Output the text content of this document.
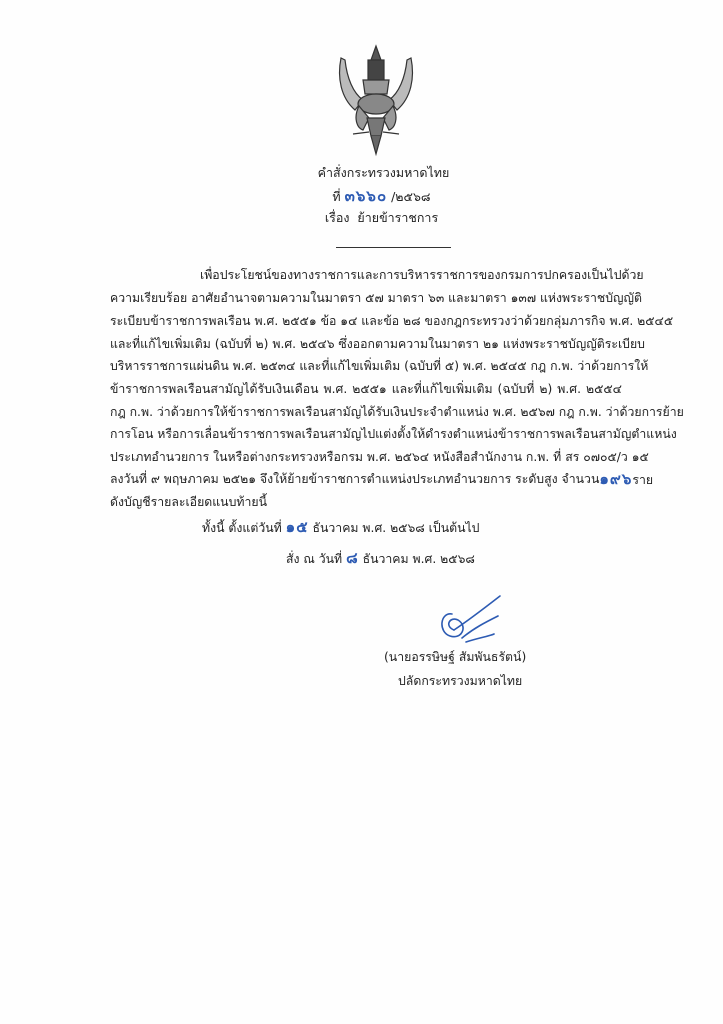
คำสั่งกระทรวงมหาดไทย
ที่ ๓๖๖๐ /๒๕๖๘
เรื่อง ย้ายข้าราชการ
เพื่อประโยชน์ของทางราชการและการบริหารราชการของกรมการปกครองเป็นไปด้วย
ความเรียบร้อย อาศัยอำนาจตามความในมาตรา ๕๗ มาตรา ๖๓ และมาตรา ๑๓๗ แห่งพระราชบัญญัติ
ระเบียบข้าราชการพลเรือน พ.ศ. ๒๕๕๑ ข้อ ๑๔ และข้อ ๒๘ ของกฎกระทรวงว่าด้วยกลุ่มภารกิจ พ.ศ. ๒๕๔๕
และที่แก้ไขเพิ่มเติม (ฉบับที่ ๒) พ.ศ. ๒๕๔๖ ซึ่งออกตามความในมาตรา ๒๑ แห่งพระราชบัญญัติระเบียบ
บริหารราชการแผ่นดิน พ.ศ. ๒๕๓๔ และที่แก้ไขเพิ่มเติม (ฉบับที่ ๕) พ.ศ. ๒๕๔๕ กฎ ก.พ. ว่าด้วยการให้
ข้าราชการพลเรือนสามัญได้รับเงินเดือน พ.ศ. ๒๕๕๑ และที่แก้ไขเพิ่มเติม (ฉบับที่ ๒) พ.ศ. ๒๕๕๔
กฎ ก.พ. ว่าด้วยการให้ข้าราชการพลเรือนสามัญได้รับเงินประจำตำแหน่ง พ.ศ. ๒๕๖๗ กฎ ก.พ. ว่าด้วยการย้าย
การโอน หรือการเลื่อนข้าราชการพลเรือนสามัญไปแต่งตั้งให้ดำรงตำแหน่งข้าราชการพลเรือนสามัญตำแหน่ง
ประเภทอำนวยการ ในหรือต่างกระทรวงหรือกรม พ.ศ. ๒๕๖๔ หนังสือสำนักงาน ก.พ. ที่ สร ๐๗๐๕/ว ๑๕
ลงวันที่ ๙ พฤษภาคม ๒๕๒๑ จึงให้ย้ายข้าราชการตำแหน่งประเภทอำนวยการ ระดับสูง จำนวน ๑๙๖ราย
ดังบัญชีรายละเอียดแนบท้ายนี้
ทั้งนี้ ตั้งแต่วันที่ ๑๕ ธันวาคม พ.ศ. ๒๕๖๘ เป็นต้นไป
สั่ง ณ วันที่ ๘ ธันวาคม พ.ศ. ๒๕๖๘
(นายอรรษิษฐ์ สัมพันธรัตน์)
ปลัดกระทรวงมหาดไทย
